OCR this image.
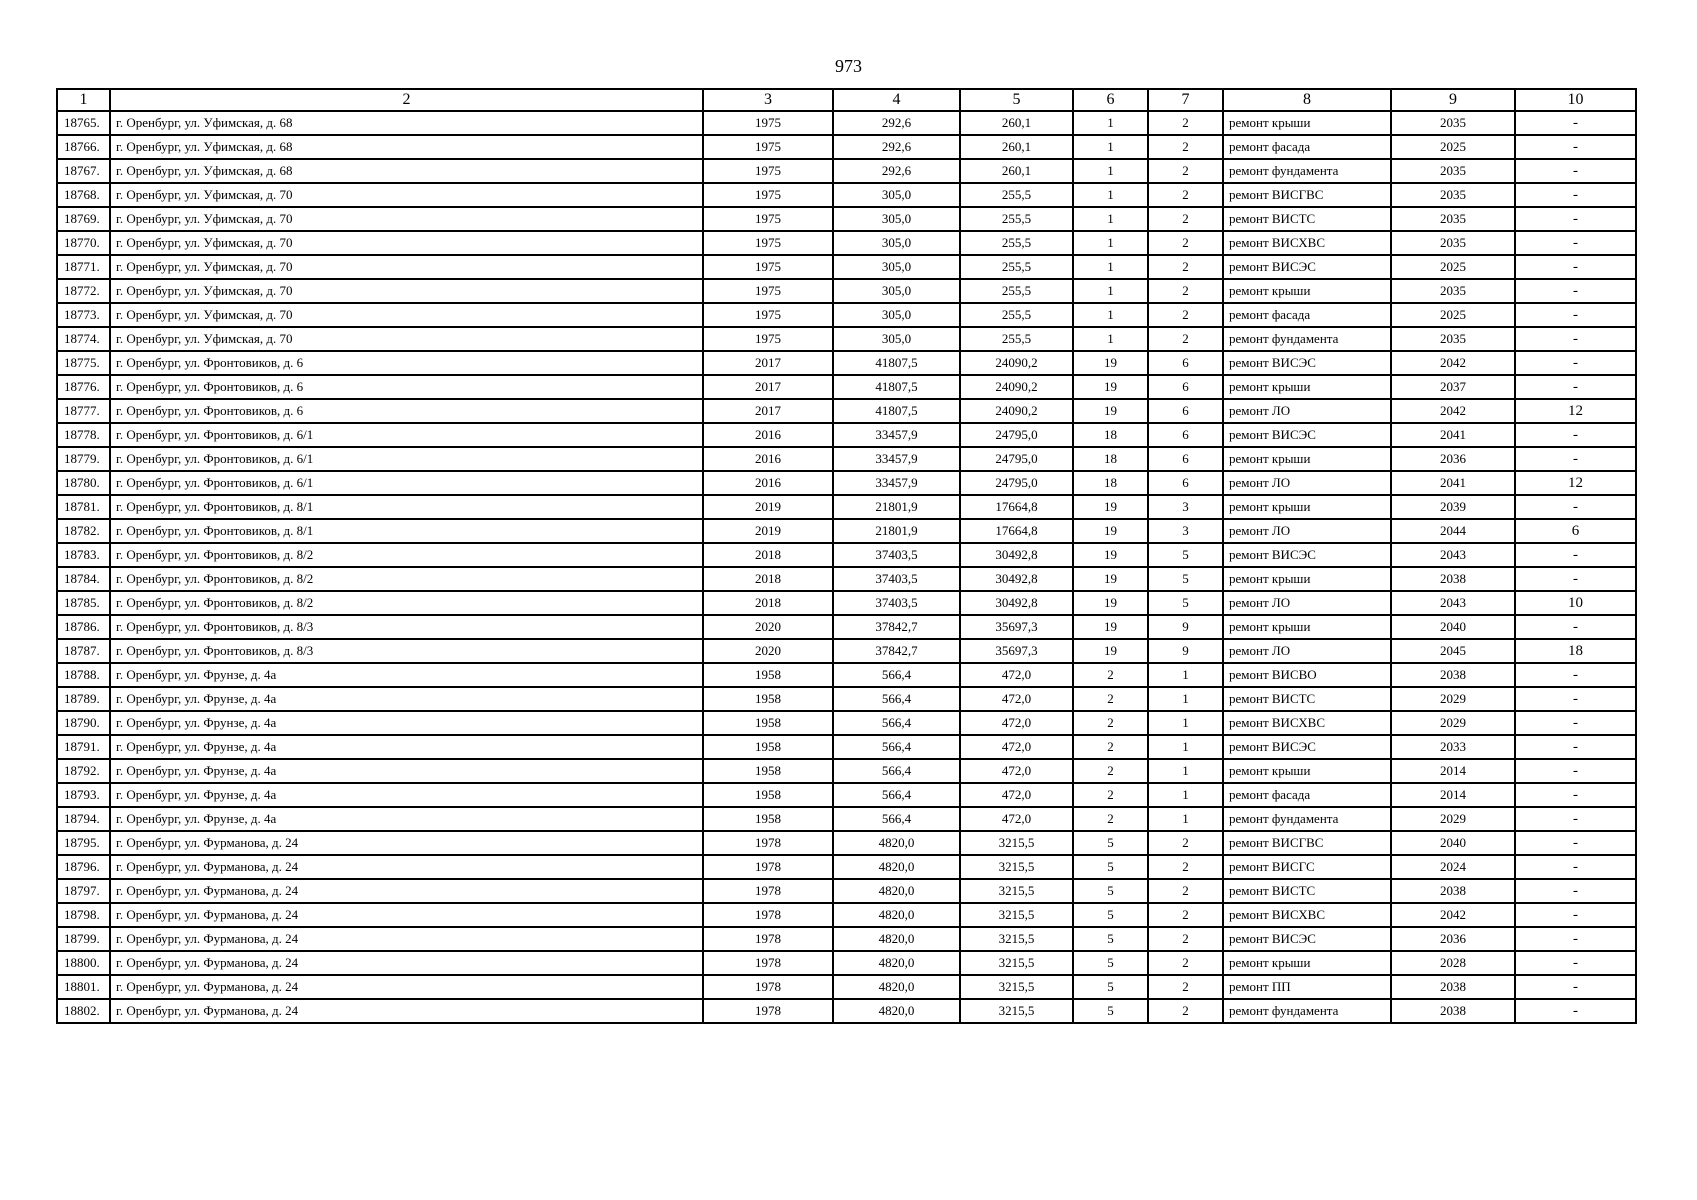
973
1	2	3	4	5	6	7	8	9	10
18765.	г. Оренбург, ул. Уфимская, д. 68	1975	292,6	260,1	1	2	ремонт крыши	2035	-
18766.	г. Оренбург, ул. Уфимская, д. 68	1975	292,6	260,1	1	2	ремонт фасада	2025	-
18767.	г. Оренбург, ул. Уфимская, д. 68	1975	292,6	260,1	1	2	ремонт фундамента	2035	-
18768.	г. Оренбург, ул. Уфимская, д. 70	1975	305,0	255,5	1	2	ремонт ВИСГВС	2035	-
18769.	г. Оренбург, ул. Уфимская, д. 70	1975	305,0	255,5	1	2	ремонт ВИСТС	2035	-
18770.	г. Оренбург, ул. Уфимская, д. 70	1975	305,0	255,5	1	2	ремонт ВИСХВС	2035	-
18771.	г. Оренбург, ул. Уфимская, д. 70	1975	305,0	255,5	1	2	ремонт ВИСЭС	2025	-
18772.	г. Оренбург, ул. Уфимская, д. 70	1975	305,0	255,5	1	2	ремонт крыши	2035	-
18773.	г. Оренбург, ул. Уфимская, д. 70	1975	305,0	255,5	1	2	ремонт фасада	2025	-
18774.	г. Оренбург, ул. Уфимская, д. 70	1975	305,0	255,5	1	2	ремонт фундамента	2035	-
18775.	г. Оренбург, ул. Фронтовиков, д. 6	2017	41807,5	24090,2	19	6	ремонт ВИСЭС	2042	-
18776.	г. Оренбург, ул. Фронтовиков, д. 6	2017	41807,5	24090,2	19	6	ремонт крыши	2037	-
18777.	г. Оренбург, ул. Фронтовиков, д. 6	2017	41807,5	24090,2	19	6	ремонт ЛО	2042	12
18778.	г. Оренбург, ул. Фронтовиков, д. 6/1	2016	33457,9	24795,0	18	6	ремонт ВИСЭС	2041	-
18779.	г. Оренбург, ул. Фронтовиков, д. 6/1	2016	33457,9	24795,0	18	6	ремонт крыши	2036	-
18780.	г. Оренбург, ул. Фронтовиков, д. 6/1	2016	33457,9	24795,0	18	6	ремонт ЛО	2041	12
18781.	г. Оренбург, ул. Фронтовиков, д. 8/1	2019	21801,9	17664,8	19	3	ремонт крыши	2039	-
18782.	г. Оренбург, ул. Фронтовиков, д. 8/1	2019	21801,9	17664,8	19	3	ремонт ЛО	2044	6
18783.	г. Оренбург, ул. Фронтовиков, д. 8/2	2018	37403,5	30492,8	19	5	ремонт ВИСЭС	2043	-
18784.	г. Оренбург, ул. Фронтовиков, д. 8/2	2018	37403,5	30492,8	19	5	ремонт крыши	2038	-
18785.	г. Оренбург, ул. Фронтовиков, д. 8/2	2018	37403,5	30492,8	19	5	ремонт ЛО	2043	10
18786.	г. Оренбург, ул. Фронтовиков, д. 8/3	2020	37842,7	35697,3	19	9	ремонт крыши	2040	-
18787.	г. Оренбург, ул. Фронтовиков, д. 8/3	2020	37842,7	35697,3	19	9	ремонт ЛО	2045	18
18788.	г. Оренбург, ул. Фрунзе, д. 4а	1958	566,4	472,0	2	1	ремонт ВИСВО	2038	-
18789.	г. Оренбург, ул. Фрунзе, д. 4а	1958	566,4	472,0	2	1	ремонт ВИСТС	2029	-
18790.	г. Оренбург, ул. Фрунзе, д. 4а	1958	566,4	472,0	2	1	ремонт ВИСХВС	2029	-
18791.	г. Оренбург, ул. Фрунзе, д. 4а	1958	566,4	472,0	2	1	ремонт ВИСЭС	2033	-
18792.	г. Оренбург, ул. Фрунзе, д. 4а	1958	566,4	472,0	2	1	ремонт крыши	2014	-
18793.	г. Оренбург, ул. Фрунзе, д. 4а	1958	566,4	472,0	2	1	ремонт фасада	2014	-
18794.	г. Оренбург, ул. Фрунзе, д. 4а	1958	566,4	472,0	2	1	ремонт фундамента	2029	-
18795.	г. Оренбург, ул. Фурманова, д. 24	1978	4820,0	3215,5	5	2	ремонт ВИСГВС	2040	-
18796.	г. Оренбург, ул. Фурманова, д. 24	1978	4820,0	3215,5	5	2	ремонт ВИСГС	2024	-
18797.	г. Оренбург, ул. Фурманова, д. 24	1978	4820,0	3215,5	5	2	ремонт ВИСТС	2038	-
18798.	г. Оренбург, ул. Фурманова, д. 24	1978	4820,0	3215,5	5	2	ремонт ВИСХВС	2042	-
18799.	г. Оренбург, ул. Фурманова, д. 24	1978	4820,0	3215,5	5	2	ремонт ВИСЭС	2036	-
18800.	г. Оренбург, ул. Фурманова, д. 24	1978	4820,0	3215,5	5	2	ремонт крыши	2028	-
18801.	г. Оренбург, ул. Фурманова, д. 24	1978	4820,0	3215,5	5	2	ремонт ПП	2038	-
18802.	г. Оренбург, ул. Фурманова, д. 24	1978	4820,0	3215,5	5	2	ремонт фундамента	2038	-
